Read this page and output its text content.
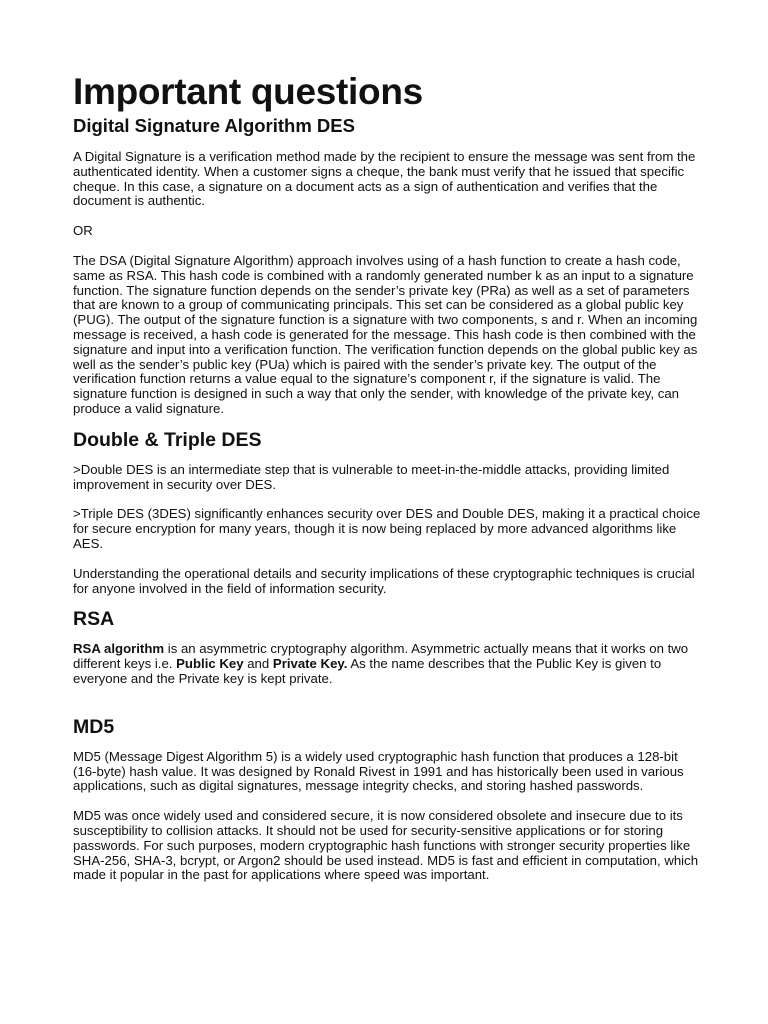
Important questions
Digital Signature Algorithm DES

A Digital Signature is a verification method made by the recipient to ensure the message was sent from the authenticated identity. When a customer signs a cheque, the bank must verify that he issued that specific cheque. In this case, a signature on a document acts as a sign of authentication and verifies that the document is authentic.

OR

The DSA (Digital Signature Algorithm) approach involves using of a hash function to create a hash code, same as RSA. This hash code is combined with a randomly generated number k as an input to a signature function. The signature function depends on the sender’s private key (PRa) as well as a set of parameters that are known to a group of communicating principals. This set can be considered as a global public key (PUG). The output of the signature function is a signature with two components, s and r. When an incoming message is received, a hash code is generated for the message. This hash code is then combined with the signature and input into a verification function. The verification function depends on the global public key as well as the sender’s public key (PUa) which is paired with the sender’s private key. The output of the verification function returns a value equal to the signature’s component r, if the signature is valid. The signature function is designed in such a way that only the sender, with knowledge of the private key, can produce a valid signature.

Double & Triple DES

>Double DES is an intermediate step that is vulnerable to meet-in-the-middle attacks, providing limited improvement in security over DES.

>Triple DES (3DES) significantly enhances security over DES and Double DES, making it a practical choice for secure encryption for many years, though it is now being replaced by more advanced algorithms like AES.

Understanding the operational details and security implications of these cryptographic techniques is crucial for anyone involved in the field of information security.

RSA

RSA algorithm is an asymmetric cryptography algorithm. Asymmetric actually means that it works on two different keys i.e. Public Key and Private Key. As the name describes that the Public Key is given to everyone and the Private key is kept private.

MD5

MD5 (Message Digest Algorithm 5) is a widely used cryptographic hash function that produces a 128-bit (16-byte) hash value. It was designed by Ronald Rivest in 1991 and has historically been used in various applications, such as digital signatures, message integrity checks, and storing hashed passwords.

MD5 was once widely used and considered secure, it is now considered obsolete and insecure due to its susceptibility to collision attacks. It should not be used for security-sensitive applications or for storing passwords. For such purposes, modern cryptographic hash functions with stronger security properties like SHA-256, SHA-3, bcrypt, or Argon2 should be used instead. MD5 is fast and efficient in computation, which made it popular in the past for applications where speed was important.
